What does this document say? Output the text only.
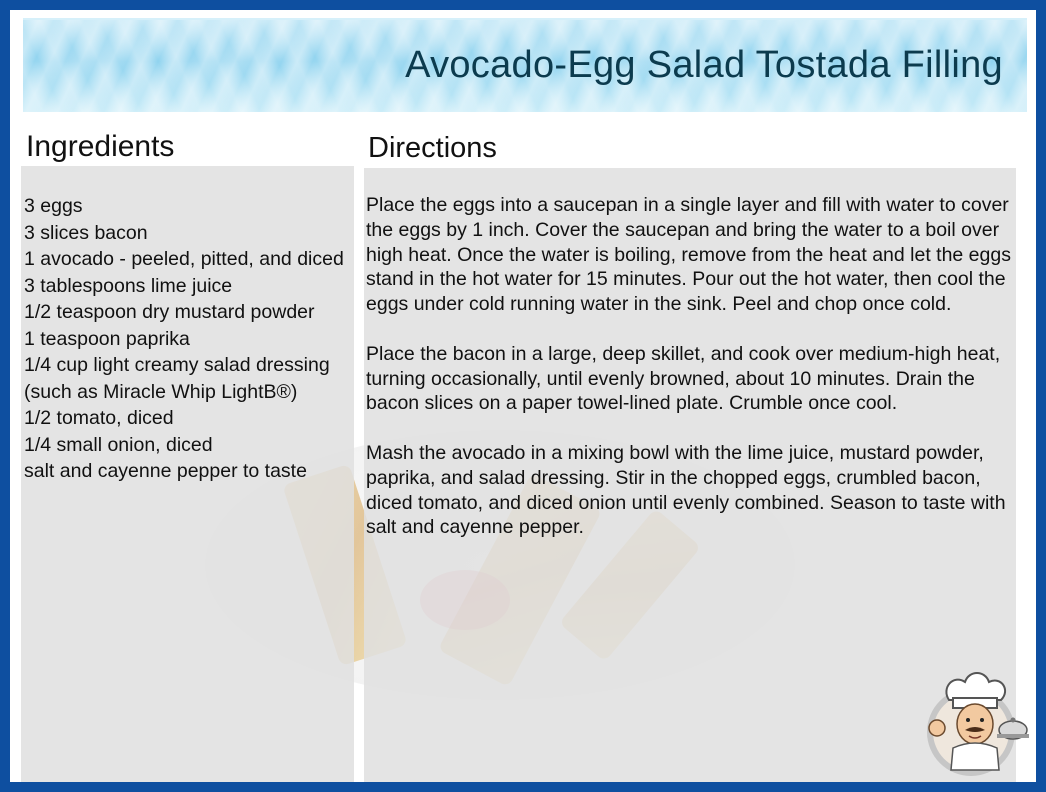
Avocado-Egg Salad Tostada Filling
Ingredients	Directions
3 eggs
3 slices bacon
1 avocado - peeled, pitted, and diced
3 tablespoons lime juice
1/2 teaspoon dry mustard powder
1 teaspoon paprika
1/4 cup light creamy salad dressing (such as Miracle Whip LightB®)
1/2 tomato, diced
1/4 small onion, diced
salt and cayenne pepper to taste

Place the eggs into a saucepan in a single layer and fill with water to cover the eggs by 1 inch. Cover the saucepan and bring the water to a boil over high heat. Once the water is boiling, remove from the heat and let the eggs stand in the hot water for 15 minutes. Pour out the hot water, then cool the eggs under cold running water in the sink. Peel and chop once cold.

Place the bacon in a large, deep skillet, and cook over medium-high heat, turning occasionally, until evenly browned, about 10 minutes. Drain the bacon slices on a paper towel-lined plate. Crumble once cool.

Mash the avocado in a mixing bowl with the lime juice, mustard powder, paprika, and salad dressing. Stir in the chopped eggs, crumbled bacon, diced tomato, and diced onion until evenly combined. Season to taste with salt and cayenne pepper.
